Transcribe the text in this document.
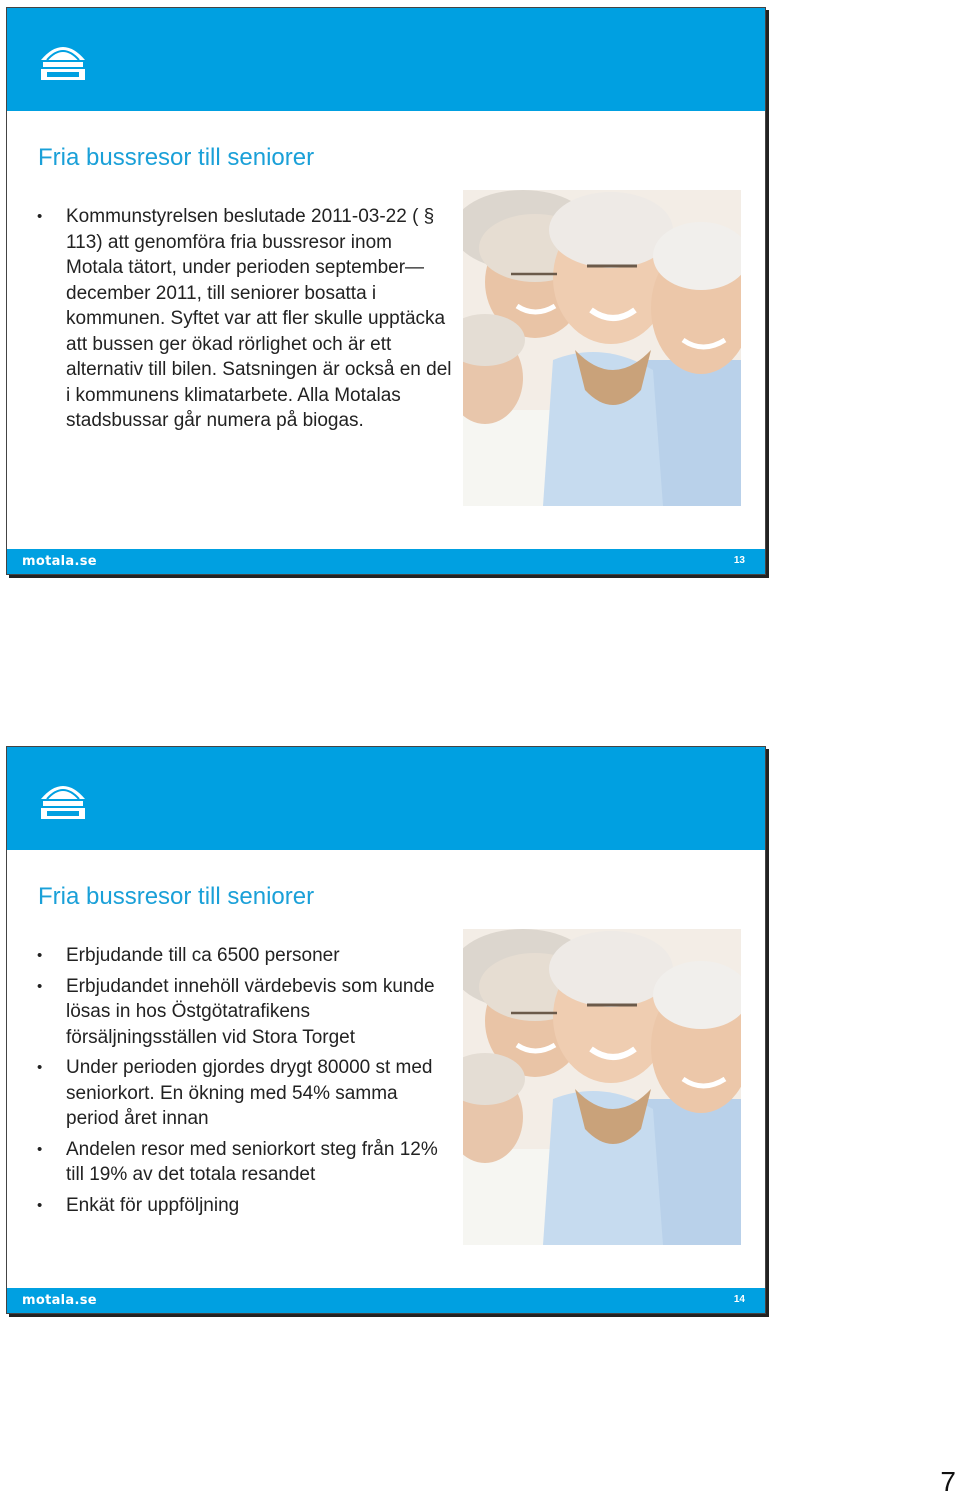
Fria bussresor till seniorer
• Kommunstyrelsen beslutade 2011-03-22 ( § 113) att genomföra fria bussresor inom Motala tätort, under perioden september—december 2011, till seniorer bosatta i kommunen. Syftet var att fler skulle upptäcka att bussen ger ökad rörlighet och är ett alternativ till bilen. Satsningen är också en del i kommunens klimatarbete. Alla Motalas stadsbussar går numera på biogas.
motala.se	13
Fria bussresor till seniorer
• Erbjudande till ca 6500 personer
• Erbjudandet innehöll värdebevis som kunde lösas in hos Östgötatrafikens försäljningsställen vid Stora Torget
• Under perioden gjordes drygt 80000 st med seniorkort. En ökning med 54% samma period året innan
• Andelen resor med seniorkort steg från 12% till 19% av det totala resandet
• Enkät för uppföljning
motala.se	14
7
